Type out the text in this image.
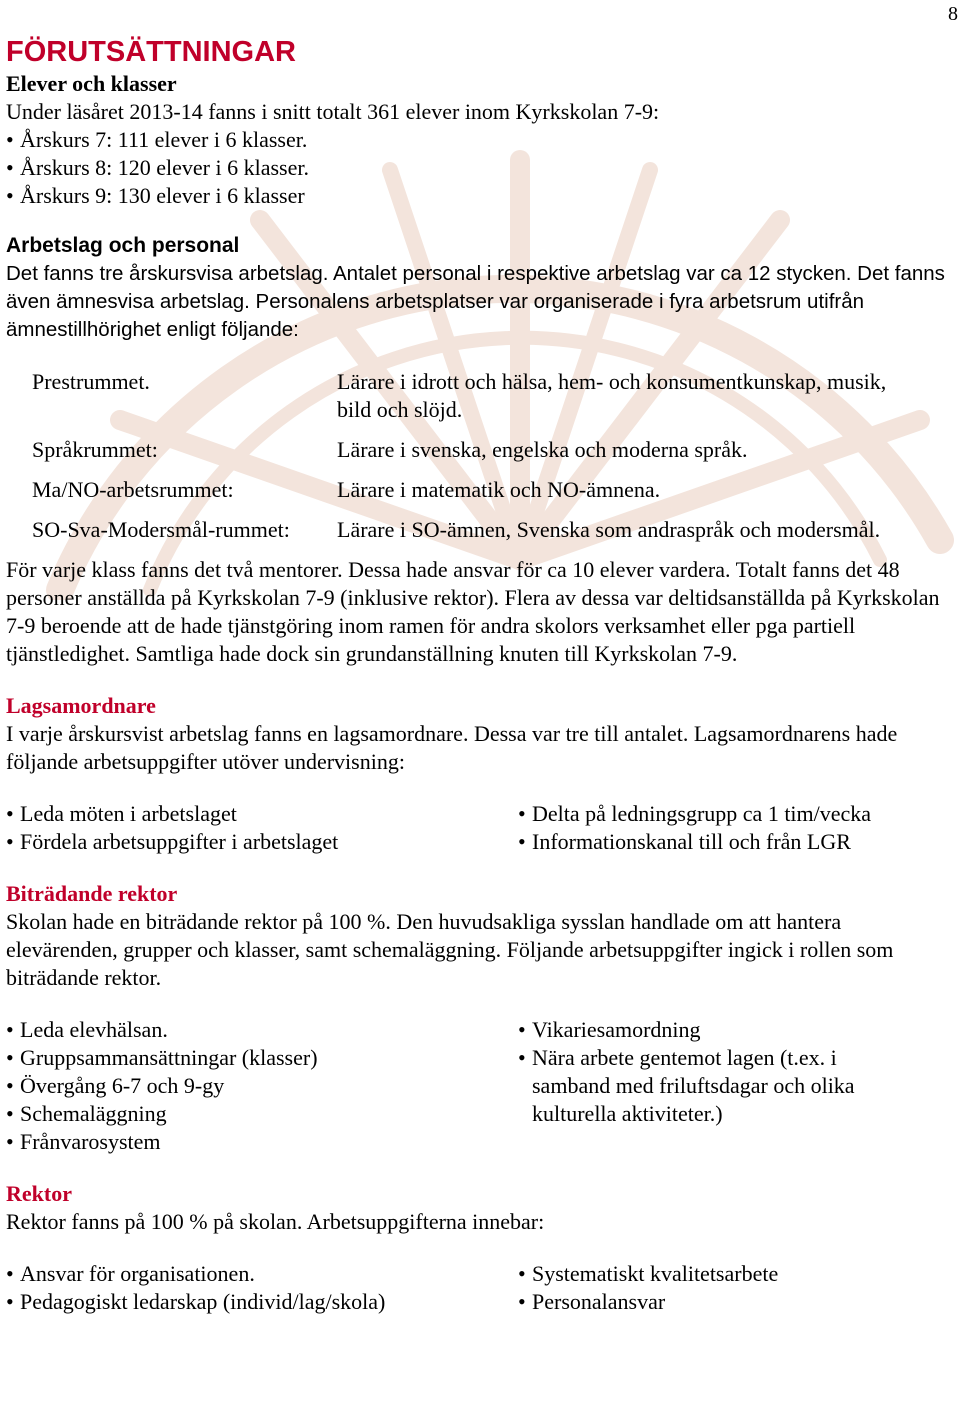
8
FÖRUTSÄTTNINGAR
Elever och klasser

Under läsåret 2013-14 fanns i snitt totalt 361 elever inom Kyrkskolan 7-9:

• Årskurs 7: 111 elever i 6 klasser.
• Årskurs 8: 120 elever i 6 klasser.
• Årskurs 9: 130 elever i 6 klasser
Arbetslag och personal

Det fanns tre årskursvisa arbetslag. Antalet personal i respektive arbetslag var ca 12 stycken. Det fanns även ämnesvisa arbetslag. Personalens arbetsplatser var organiserade i fyra arbetsrum utifrån ämnestillhörighet enligt följande:

Prestrummet.	Lärare i idrott och hälsa, hem- och konsumentkunskap, musik, bild och slöjd.
Språkrummet:	Lärare i svenska, engelska och moderna språk.
Ma/NO-arbetsrummet:	Lärare i matematik och NO-ämnena.
SO-Sva-Modersmål-rummet:	Lärare i SO-ämnen, Svenska som andraspråk och modersmål.

För varje klass fanns det två mentorer. Dessa hade ansvar för ca 10 elever vardera. Totalt fanns det 48 personer anställda på Kyrkskolan 7-9 (inklusive rektor). Flera av dessa var deltidsanställda på Kyrkskolan 7-9 beroende att de hade tjänstgöring inom ramen för andra skolors verksamhet eller pga partiell tjänstledighet. Samtliga hade dock sin grundanställning knuten till Kyrkskolan 7-9.

Lagsamordnare

I varje årskursvist arbetslag fanns en lagsamordnare. Dessa var tre till antalet. Lagsamordnarens hade följande arbetsuppgifter utöver undervisning:

• Leda möten i arbetslaget
• Fördela arbetsuppgifter i arbetslaget
• Delta på ledningsgrupp ca 1 tim/vecka
• Informationskanal till och från LGR
Biträdande rektor

Skolan hade en biträdande rektor på 100 %. Den huvudsakliga sysslan handlade om att hantera elevärenden, grupper och klasser, samt schemaläggning. Följande arbetsuppgifter ingick i rollen som biträdande rektor.

• Leda elevhälsan.
• Gruppsammansättningar (klasser)
• Övergång 6-7 och 9-gy
• Schemaläggning
• Frånvarosystem
• Vikariesamordning
• Nära arbete gentemot lagen (t.ex. i samband med friluftsdagar och olika kulturella aktiviteter.)
Rektor

Rektor fanns på 100 % på skolan. Arbetsuppgifterna innebar:

• Ansvar för organisationen.
• Pedagogiskt ledarskap (individ/lag/skola)
• Systematiskt kvalitetsarbete
• Personalansvar
